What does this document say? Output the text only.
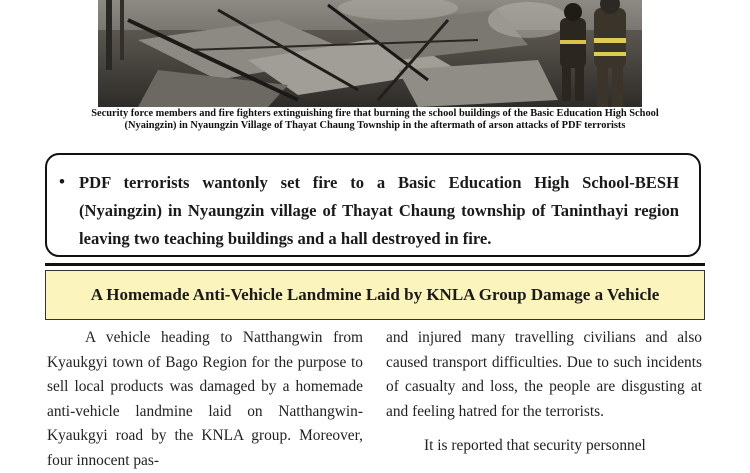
Security force members and fire fighters extinguishing fire that burning the school buildings of the Basic Education High School (Nyaingzin) in Nyaungzin Village of Thayat Chaung Township in the aftermath of arson attacks of PDF terrorists
• PDF terrorists wantonly set fire to a Basic Education High School-BESH (Nyaingzin) in Nyaungzin village of Thayat Chaung township of Taninthayi region leaving two teaching buildings and a hall destroyed in fire.

A Homemade Anti-Vehicle Landmine Laid by KNLA Group Damage a Vehicle

A vehicle heading to Natthangwin from Kyaukgyi town of Bago Region for the purpose to sell local products was damaged by a homemade anti-vehicle landmine laid on Natthangwin-Kyaukgyi road by the KNLA group. Moreover, four innocent pas-

and injured many travelling civilians and also caused transport difficulties. Due to such incidents of casualty and loss, the people are disgusting at and feeling hatred for the terrorists.

It is reported that security personnel
